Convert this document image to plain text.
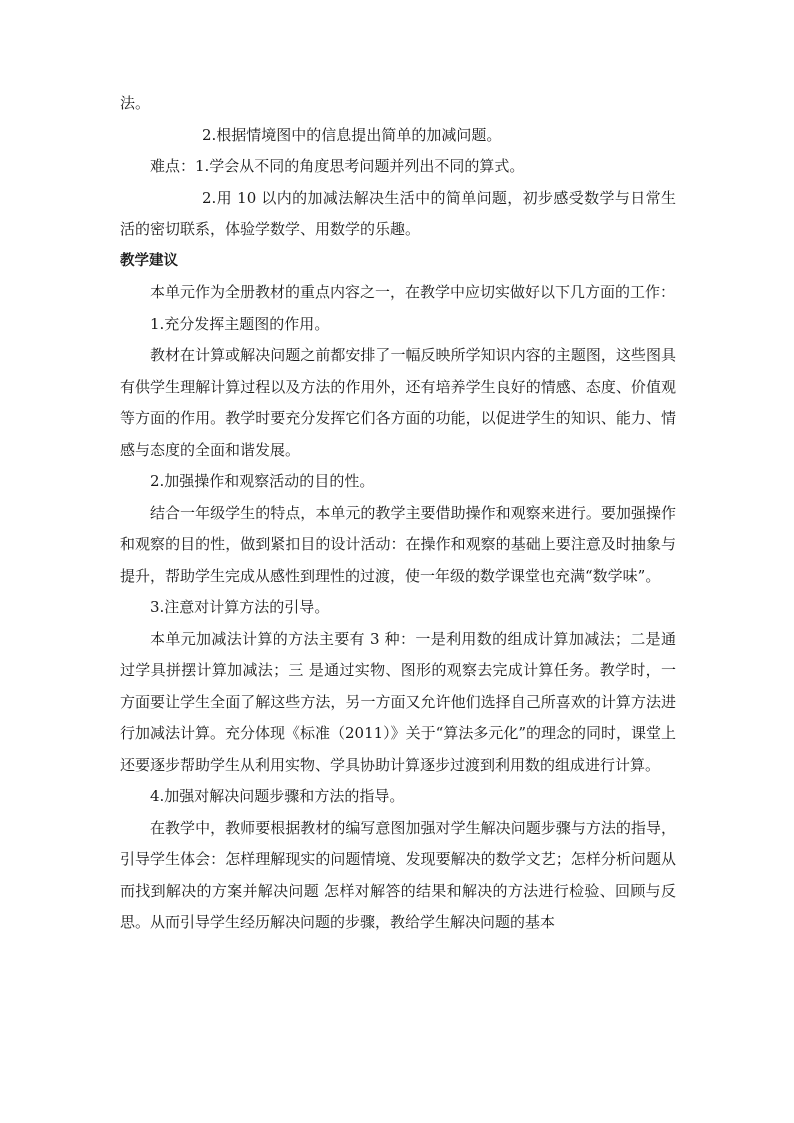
法。

2.根据情境图中的信息提出简单的加减问题。

难点：1.学会从不同的角度思考问题并列出不同的算式。

2.用 10 以内的加减法解决生活中的简单问题，初步感受数学与日常生活的密切联系，体验学数学、用数学的乐趣。

教学建议

本单元作为全册教材的重点内容之一，在教学中应切实做好以下几方面的工作：

1.充分发挥主题图的作用。

教材在计算或解决问题之前都安排了一幅反映所学知识内容的主题图，这些图具有供学生理解计算过程以及方法的作用外，还有培养学生良好的情感、态度、价值观等方面的作用。教学时要充分发挥它们各方面的功能，以促进学生的知识、能力、情感与态度的全面和谐发展。

2.加强操作和观察活动的目的性。

结合一年级学生的特点，本单元的教学主要借助操作和观察来进行。要加强操作和观察的目的性，做到紧扣目的设计活动：在操作和观察的基础上要注意及时抽象与提升，帮助学生完成从感性到理性的过渡，使一年级的数学课堂也充满“数学味”。

3.注意对计算方法的引导。

本单元加减法计算的方法主要有 3 种：一是利用数的组成计算加减法；二是通过学具拼摆计算加减法；三 是通过实物、图形的观察去完成计算任务。教学时，一方面要让学生全面了解这些方法，另一方面又允许他们选择自己所喜欢的计算方法进行加减法计算。充分体现《标准（2011）》关于“算法多元化”的理念的同时，课堂上还要逐步帮助学生从利用实物、学具协助计算逐步过渡到利用数的组成进行计算。

4.加强对解决问题步骤和方法的指导。

在教学中，教师要根据教材的编写意图加强对学生解决问题步骤与方法的指导，引导学生体会：怎样理解现实的问题情境、发现要解决的数学文艺；怎样分析问题从而找到解决的方案并解决问题 怎样对解答的结果和解决的方法进行检验、回顾与反思。从而引导学生经历解决问题的步骤，教给学生解决问题的基本
